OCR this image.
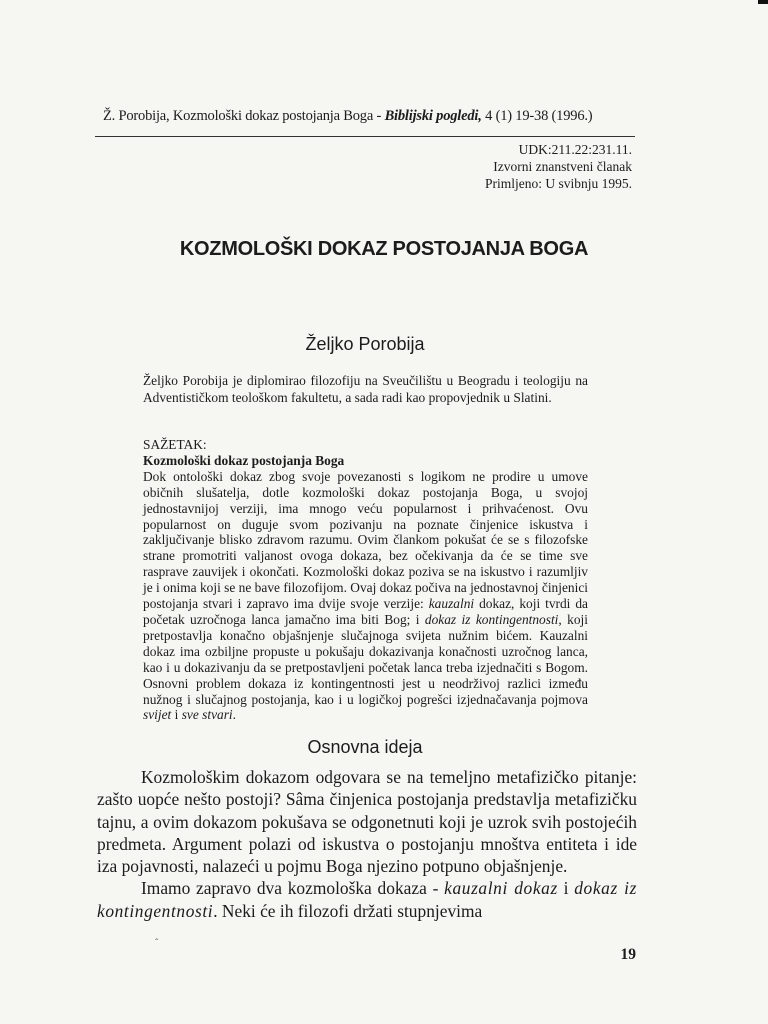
Ž. Porobija, Kozmološki dokaz postojanja Boga - Biblijski pogledi, 4 (1) 19-38 (1996.)
UDK:211.22:231.11.
Izvorni znanstveni članak
Primljeno: U svibnju 1995.
KOZMOLOŠKI DOKAZ POSTOJANJA BOGA
Željko Porobija
Željko Porobija je diplomirao filozofiju na Sveučilištu u Beogradu i teologiju na Adventističkom teološkom fakultetu, a sada radi kao propovjednik u Slatini.
SAŽETAK:
Kozmološki dokaz postojanja Boga
Dok ontološki dokaz zbog svoje povezanosti s logikom ne prodire u umove običnih slušatelja, dotle kozmološki dokaz postojanja Boga, u svojoj jednostavnijoj verziji, ima mnogo veću popularnost i prihvaćenost. Ovu popularnost on duguje svom pozivanju na poznate činjenice iskustva i zaključivanje blisko zdravom razumu. Ovim člankom pokušat će se s filozofske strane promotriti valjanost ovoga dokaza, bez očekivanja da će se time sve rasprave zauvijek i okončati. Kozmološki dokaz poziva se na iskustvo i razumljiv je i onima koji se ne bave filozofijom. Ovaj dokaz počiva na jednostavnoj činjenici postojanja stvari i zapravo ima dvije svoje verzije: kauzalni dokaz, koji tvrdi da početak uzročnoga lanca jamačno ima biti Bog; i dokaz iz kontingentnosti, koji pretpostavlja konačno objašnjenje slučajnoga svijeta nužnim bićem. Kauzalni dokaz ima ozbiljne propuste u pokušaju dokazivanja konačnosti uzročnog lanca, kao i u dokazivanju da se pretpostavljeni početak lanca treba izjednačiti s Bogom. Osnovni problem dokaza iz kontingentnosti jest u neodrživoj razlici između nužnog i slučajnog postojanja, kao i u logičkoj pogrešci izjednačavanja pojmova svijet i sve stvari.
Osnovna ideja

Kozmološkim dokazom odgovara se na temeljno metafizičko pitanje: zašto uopće nešto postoji? Sâma činjenica postojanja predstavlja metafizičku tajnu, a ovim dokazom pokušava se odgonetnuti koji je uzrok svih postojećih predmeta. Argument polazi od iskustva o postojanju mnoštva entiteta i ide iza pojavnosti, nalazeći u pojmu Boga njezino potpuno objašnjenje.

Imamo zapravo dva kozmološka dokaza - kauzalni dokaz i dokaz iz kontingentnosti. Neki će ih filozofi držati stupnjevima

ˆ
19
